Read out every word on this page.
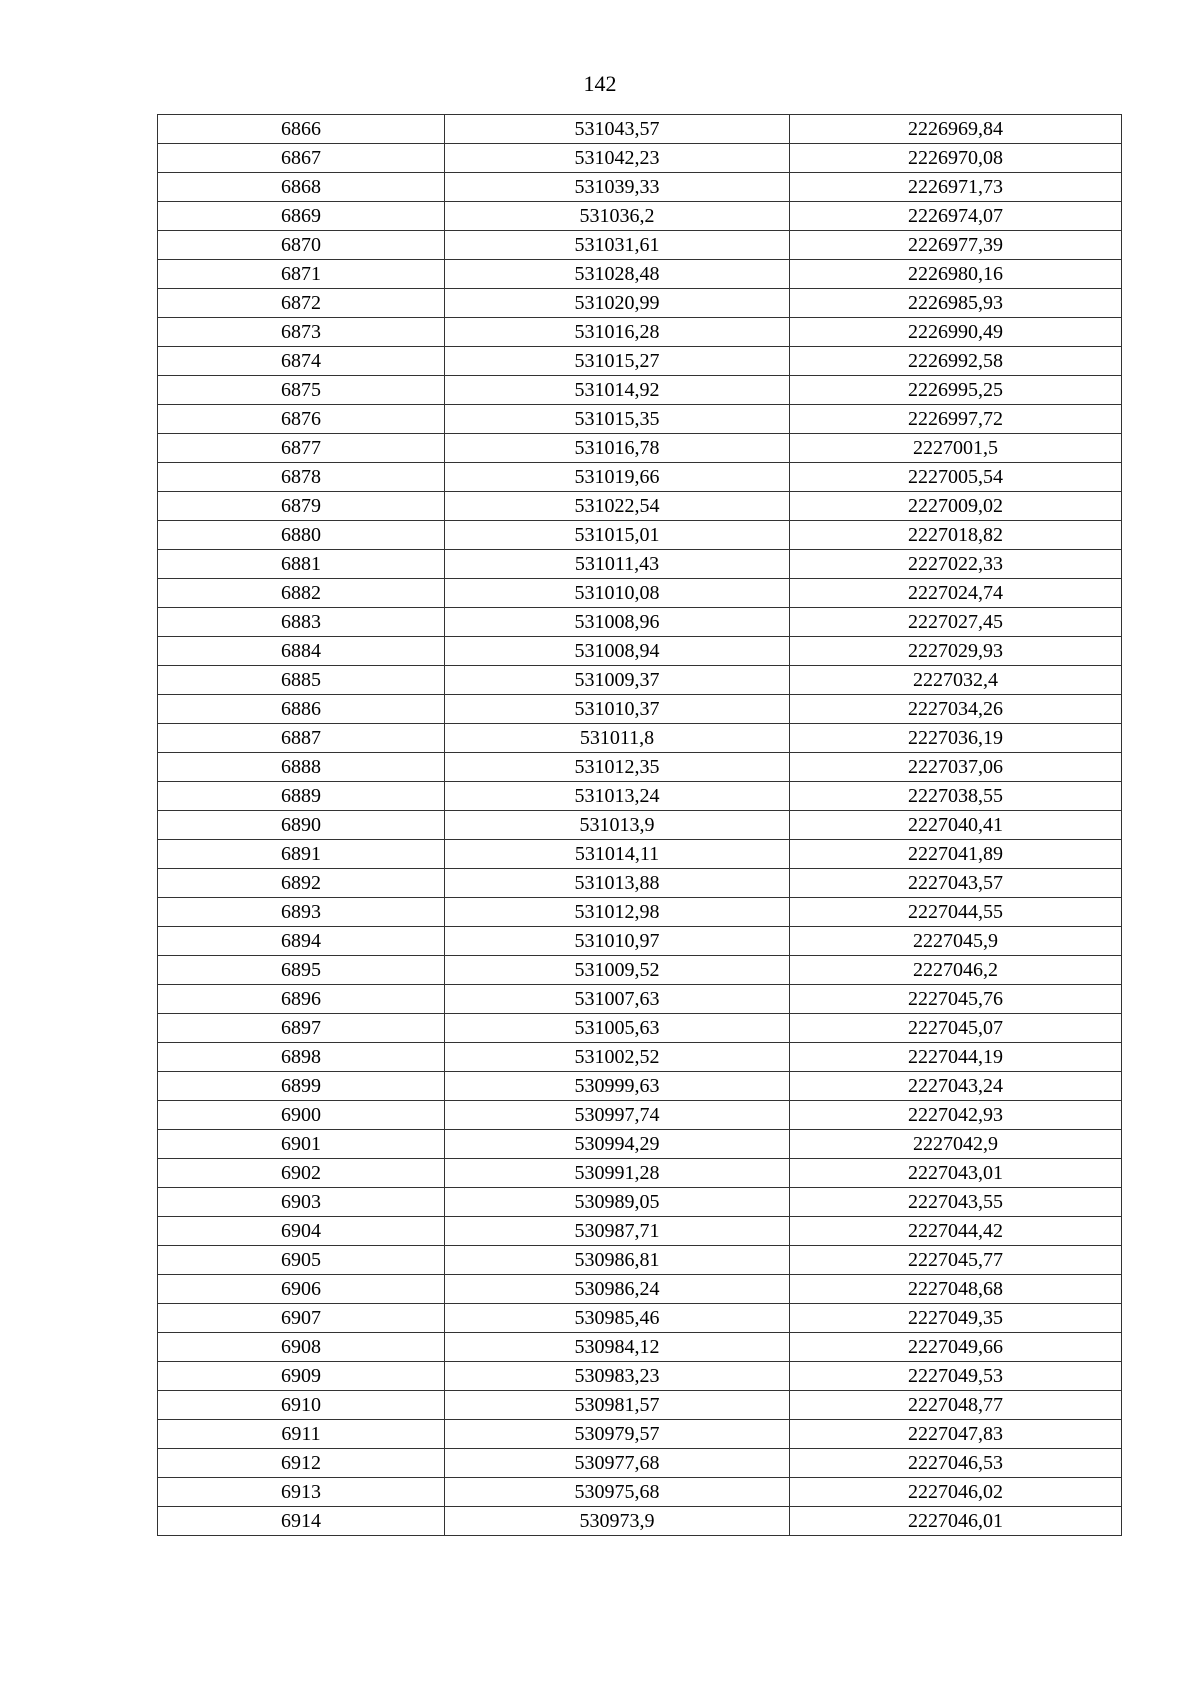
142
6866	531043,57	2226969,84
6867	531042,23	2226970,08
6868	531039,33	2226971,73
6869	531036,2	2226974,07
6870	531031,61	2226977,39
6871	531028,48	2226980,16
6872	531020,99	2226985,93
6873	531016,28	2226990,49
6874	531015,27	2226992,58
6875	531014,92	2226995,25
6876	531015,35	2226997,72
6877	531016,78	2227001,5
6878	531019,66	2227005,54
6879	531022,54	2227009,02
6880	531015,01	2227018,82
6881	531011,43	2227022,33
6882	531010,08	2227024,74
6883	531008,96	2227027,45
6884	531008,94	2227029,93
6885	531009,37	2227032,4
6886	531010,37	2227034,26
6887	531011,8	2227036,19
6888	531012,35	2227037,06
6889	531013,24	2227038,55
6890	531013,9	2227040,41
6891	531014,11	2227041,89
6892	531013,88	2227043,57
6893	531012,98	2227044,55
6894	531010,97	2227045,9
6895	531009,52	2227046,2
6896	531007,63	2227045,76
6897	531005,63	2227045,07
6898	531002,52	2227044,19
6899	530999,63	2227043,24
6900	530997,74	2227042,93
6901	530994,29	2227042,9
6902	530991,28	2227043,01
6903	530989,05	2227043,55
6904	530987,71	2227044,42
6905	530986,81	2227045,77
6906	530986,24	2227048,68
6907	530985,46	2227049,35
6908	530984,12	2227049,66
6909	530983,23	2227049,53
6910	530981,57	2227048,77
6911	530979,57	2227047,83
6912	530977,68	2227046,53
6913	530975,68	2227046,02
6914	530973,9	2227046,01
